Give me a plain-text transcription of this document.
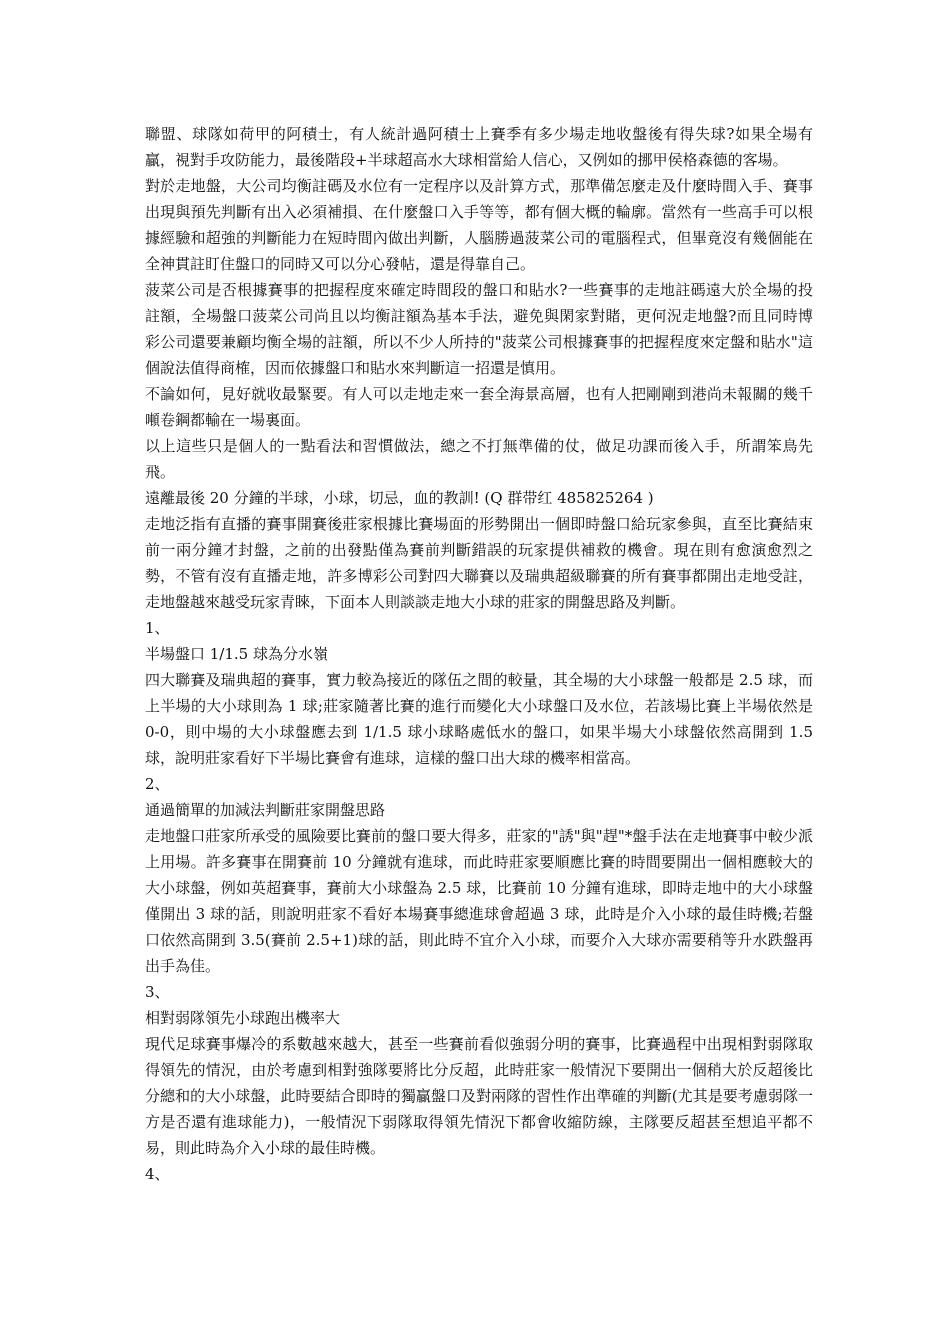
聯盟、球隊如荷甲的阿積士，有人統計過阿積士上賽季有多少場走地收盤後有得失球?如果全場有贏，視對手攻防能力，最後階段+半球超高水大球相當給人信心，又例如的挪甲侯格森德的客場。

對於走地盤，大公司均衡註碼及水位有一定程序以及計算方式，那準備怎麼走及什麼時間入手、賽事出現與預先判斷有出入必須補損、在什麼盤口入手等等，都有個大概的輪廓。當然有一些高手可以根據經驗和超強的判斷能力在短時間內做出判斷，人腦勝過菠菜公司的電腦程式，但畢竟沒有幾個能在全神貫註盯住盤口的同時又可以分心發帖，還是得靠自己。

菠菜公司是否根據賽事的把握程度來確定時間段的盤口和貼水?一些賽事的走地註碼遠大於全場的投註額，全場盤口菠菜公司尚且以均衡註額為基本手法，避免與閑家對賭，更何況走地盤?而且同時博彩公司還要兼顧均衡全場的註額，所以不少人所持的"菠菜公司根據賽事的把握程度來定盤和貼水"這個說法值得商榷，因而依據盤口和貼水來判斷這一招還是慎用。

不論如何，見好就收最緊要。有人可以走地走來一套全海景高層，也有人把剛剛到港尚未報關的幾千噸卷鋼都輸在一場裏面。

以上這些只是個人的一點看法和習慣做法，總之不打無準備的仗，做足功課而後入手，所謂笨鳥先飛。

遠離最後 20 分鐘的半球，小球，切忌，血的教訓! (Q 群带红 485825264 )

走地泛指有直播的賽事開賽後莊家根據比賽場面的形勢開出一個即時盤口給玩家參與，直至比賽結束前一兩分鐘才封盤，之前的出發點僅為賽前判斷錯誤的玩家提供補救的機會。現在則有愈演愈烈之勢，不管有沒有直播走地，許多博彩公司對四大聯賽以及瑞典超級聯賽的所有賽事都開出走地受註，走地盤越來越受玩家青睞，下面本人則談談走地大小球的莊家的開盤思路及判斷。

1、

半場盤口 1/1.5 球為分水嶺

四大聯賽及瑞典超的賽事，實力較為接近的隊伍之間的較量，其全場的大小球盤一般都是 2.5 球，而上半場的大小球則為 1 球;莊家隨著比賽的進行而變化大小球盤口及水位，若該場比賽上半場依然是 0-0，則中場的大小球盤應去到 1/1.5 球小球略處低水的盤口，如果半場大小球盤依然高開到 1.5 球，說明莊家看好下半場比賽會有進球，這樣的盤口出大球的機率相當高。

2、

通過簡單的加減法判斷莊家開盤思路

走地盤口莊家所承受的風險要比賽前的盤口要大得多，莊家的"誘"與"趕"*盤手法在走地賽事中較少派上用場。許多賽事在開賽前 10 分鐘就有進球，而此時莊家要順應比賽的時間要開出一個相應較大的大小球盤，例如英超賽事，賽前大小球盤為 2.5 球，比賽前 10 分鐘有進球，即時走地中的大小球盤僅開出 3 球的話，則說明莊家不看好本場賽事總進球會超過 3 球，此時是介入小球的最佳時機;若盤口依然高開到 3.5(賽前 2.5+1)球的話，則此時不宜介入小球，而要介入大球亦需要稍等升水跌盤再出手為佳。

3、

相對弱隊領先小球跑出機率大

現代足球賽事爆冷的系數越來越大，甚至一些賽前看似強弱分明的賽事，比賽過程中出現相對弱隊取得領先的情況，由於考慮到相對強隊要將比分反超，此時莊家一般情況下要開出一個稍大於反超後比分總和的大小球盤，此時要結合即時的獨贏盤口及對兩隊的習性作出準確的判斷(尤其是要考慮弱隊一方是否還有進球能力)，一般情況下弱隊取得領先情況下都會收縮防線，主隊要反超甚至想追平都不易，則此時為介入小球的最佳時機。

4、
